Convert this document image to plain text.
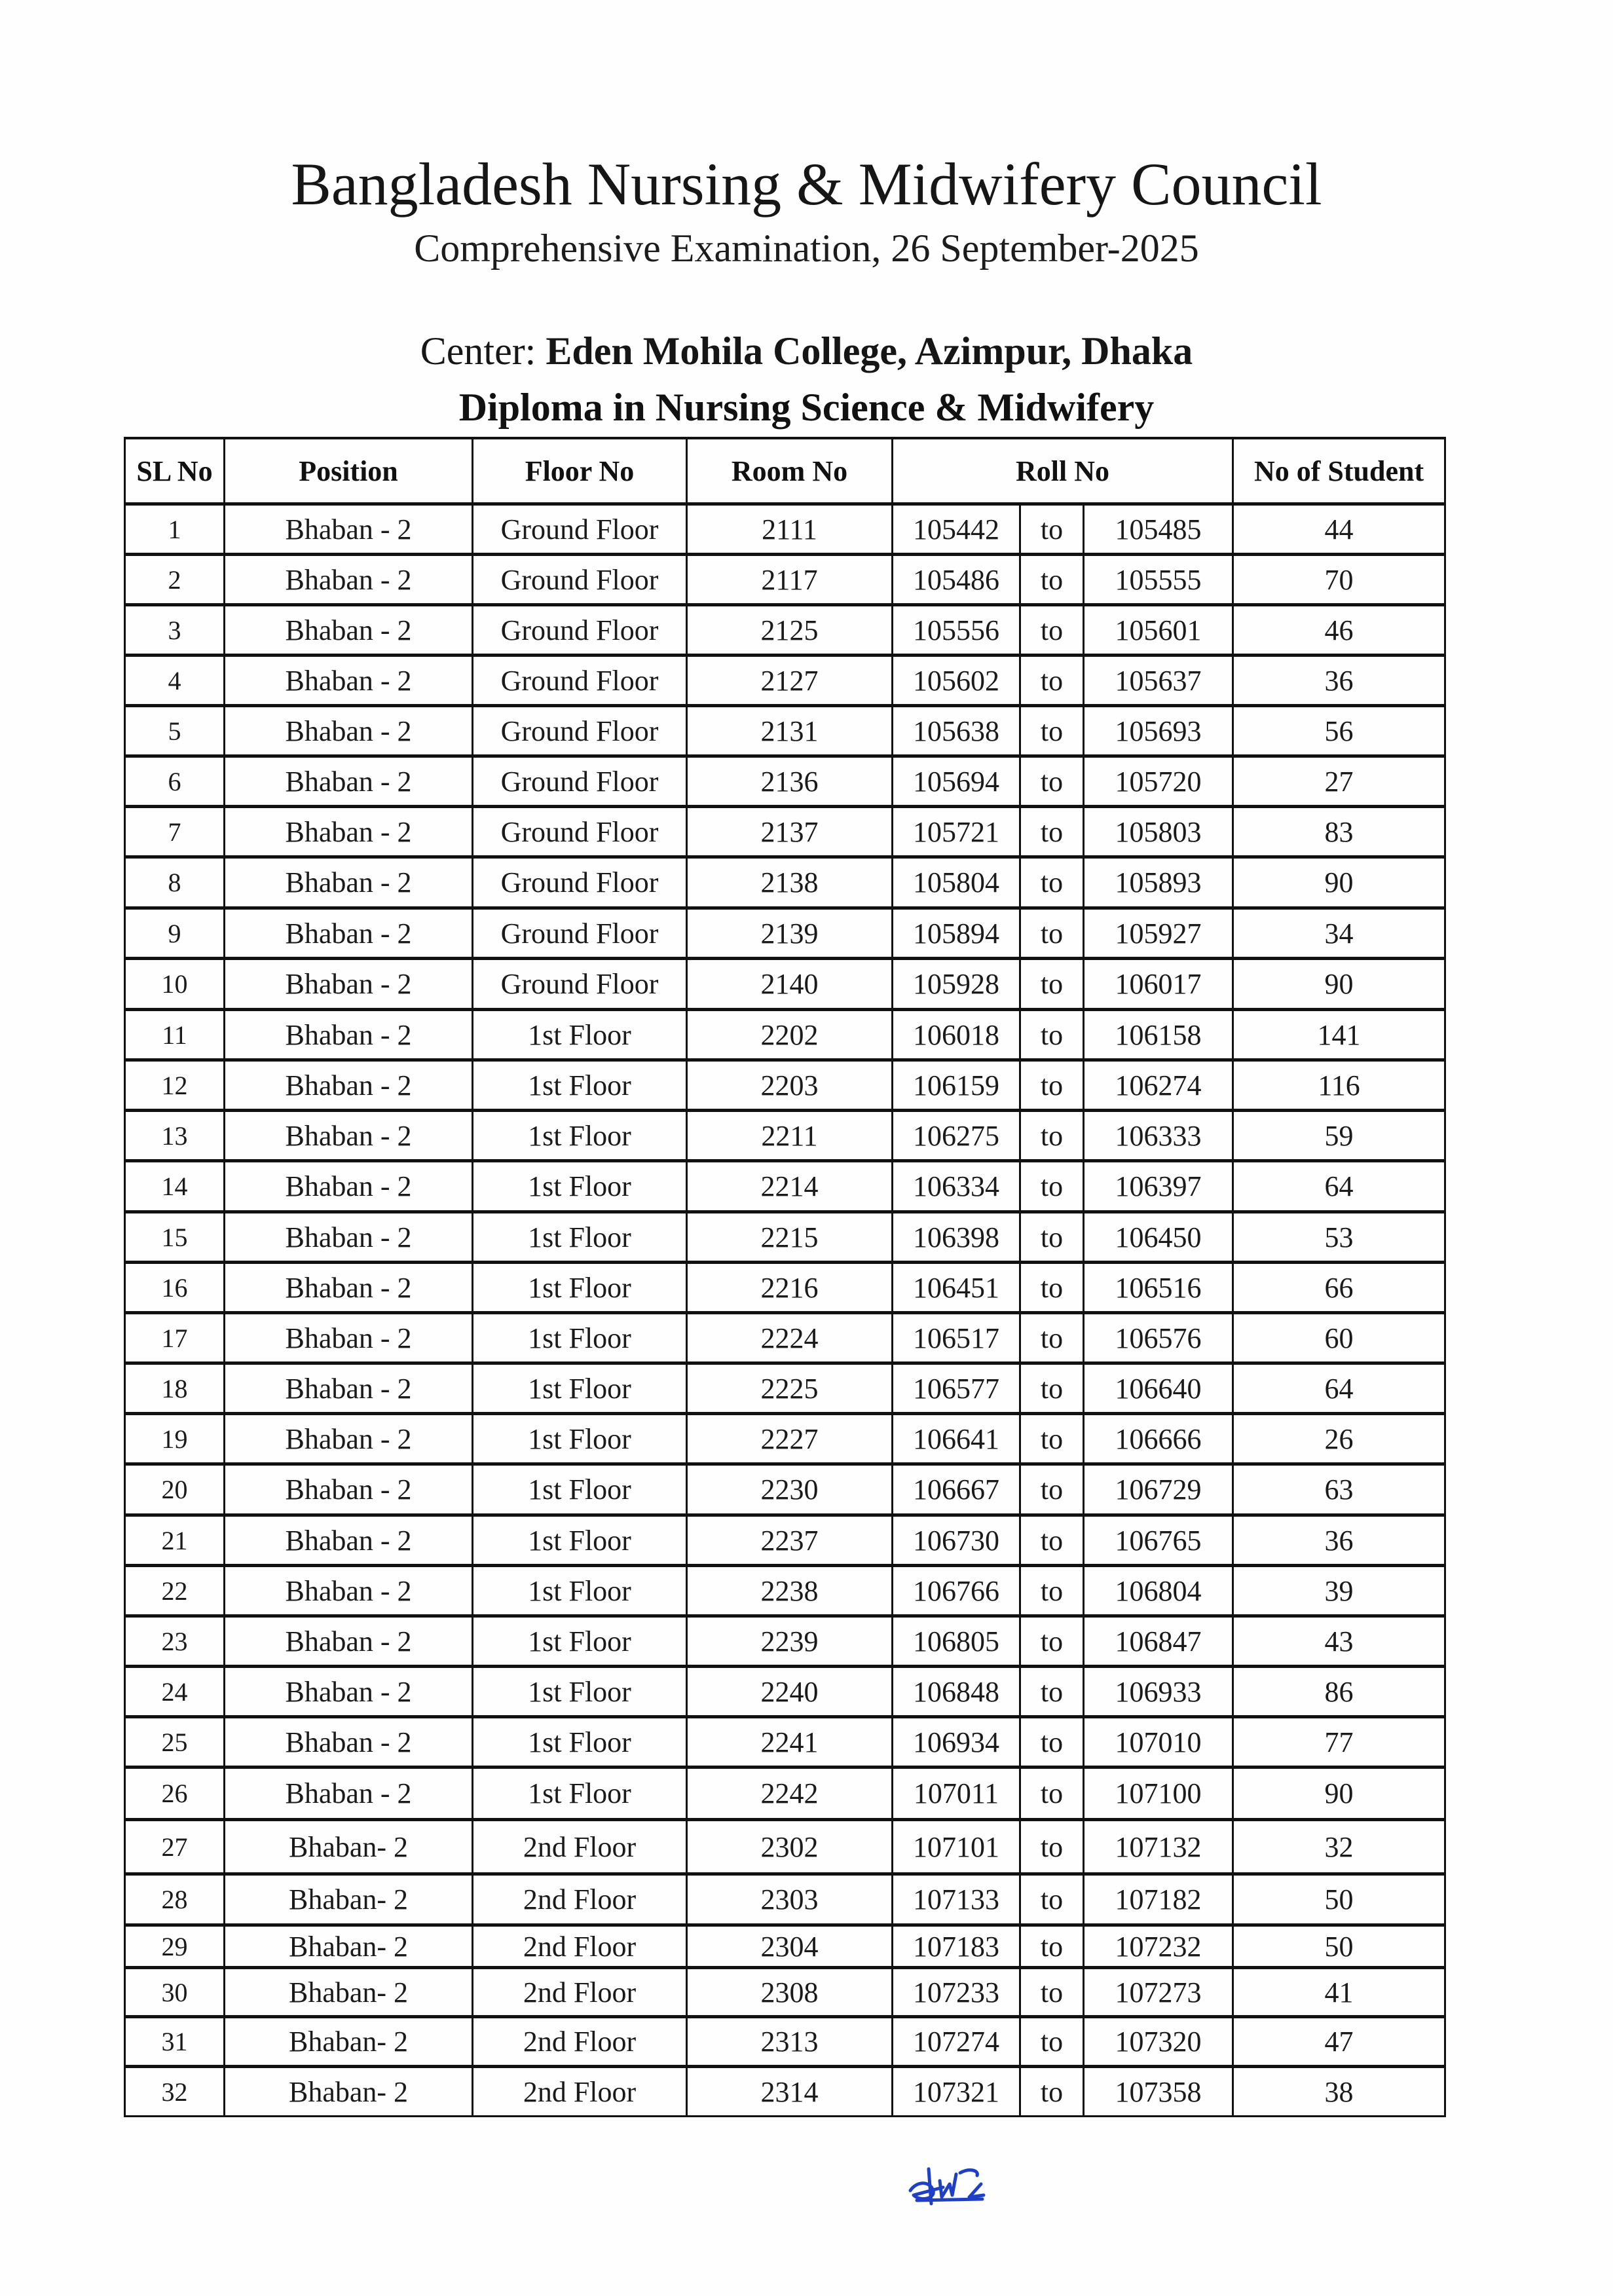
Bangladesh Nursing & Midwifery Council
Comprehensive Examination, 26 September-2025
Center: Eden Mohila College, Azimpur, Dhaka
Diploma in Nursing Science & Midwifery
SL No	Position	Floor No	Room No	Roll No			No of Student
1	Bhaban - 2	Ground Floor	2111	105442	to	105485	44
2	Bhaban - 2	Ground Floor	2117	105486	to	105555	70
3	Bhaban - 2	Ground Floor	2125	105556	to	105601	46
4	Bhaban - 2	Ground Floor	2127	105602	to	105637	36
5	Bhaban - 2	Ground Floor	2131	105638	to	105693	56
6	Bhaban - 2	Ground Floor	2136	105694	to	105720	27
7	Bhaban - 2	Ground Floor	2137	105721	to	105803	83
8	Bhaban - 2	Ground Floor	2138	105804	to	105893	90
9	Bhaban - 2	Ground Floor	2139	105894	to	105927	34
10	Bhaban - 2	Ground Floor	2140	105928	to	106017	90
11	Bhaban - 2	1st Floor	2202	106018	to	106158	141
12	Bhaban - 2	1st Floor	2203	106159	to	106274	116
13	Bhaban - 2	1st Floor	2211	106275	to	106333	59
14	Bhaban - 2	1st Floor	2214	106334	to	106397	64
15	Bhaban - 2	1st Floor	2215	106398	to	106450	53
16	Bhaban - 2	1st Floor	2216	106451	to	106516	66
17	Bhaban - 2	1st Floor	2224	106517	to	106576	60
18	Bhaban - 2	1st Floor	2225	106577	to	106640	64
19	Bhaban - 2	1st Floor	2227	106641	to	106666	26
20	Bhaban - 2	1st Floor	2230	106667	to	106729	63
21	Bhaban - 2	1st Floor	2237	106730	to	106765	36
22	Bhaban - 2	1st Floor	2238	106766	to	106804	39
23	Bhaban - 2	1st Floor	2239	106805	to	106847	43
24	Bhaban - 2	1st Floor	2240	106848	to	106933	86
25	Bhaban - 2	1st Floor	2241	106934	to	107010	77
26	Bhaban - 2	1st Floor	2242	107011	to	107100	90
27	Bhaban- 2	2nd Floor	2302	107101	to	107132	32
28	Bhaban- 2	2nd Floor	2303	107133	to	107182	50
29	Bhaban- 2	2nd Floor	2304	107183	to	107232	50
30	Bhaban- 2	2nd Floor	2308	107233	to	107273	41
31	Bhaban- 2	2nd Floor	2313	107274	to	107320	47
32	Bhaban- 2	2nd Floor	2314	107321	to	107358	38
